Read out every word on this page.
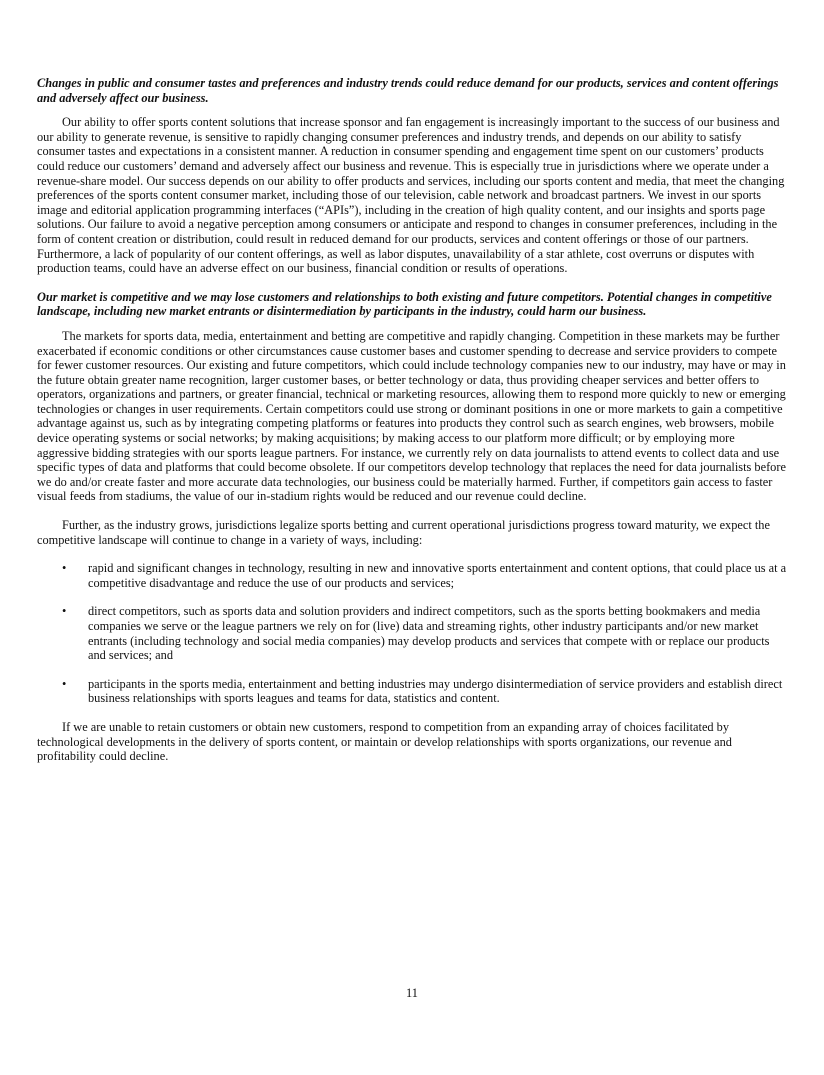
Changes in public and consumer tastes and preferences and industry trends could reduce demand for our products, services and content offerings and adversely affect our business.

Our ability to offer sports content solutions that increase sponsor and fan engagement is increasingly important to the success of our business and our ability to generate revenue, is sensitive to rapidly changing consumer preferences and industry trends, and depends on our ability to satisfy consumer tastes and expectations in a consistent manner. A reduction in consumer spending and engagement time spent on our customers’ products could reduce our customers’ demand and adversely affect our business and revenue. This is especially true in jurisdictions where we operate under a revenue-share model. Our success depends on our ability to offer products and services, including our sports content and media, that meet the changing preferences of the sports content consumer market, including those of our television, cable network and broadcast partners. We invest in our sports image and editorial application programming interfaces (“APIs”), including in the creation of high quality content, and our insights and sports page solutions. Our failure to avoid a negative perception among consumers or anticipate and respond to changes in consumer preferences, including in the form of content creation or distribution, could result in reduced demand for our products, services and content offerings or those of our partners. Furthermore, a lack of popularity of our content offerings, as well as labor disputes, unavailability of a star athlete, cost overruns or disputes with production teams, could have an adverse effect on our business, financial condition or results of operations.

Our market is competitive and we may lose customers and relationships to both existing and future competitors. Potential changes in competitive landscape, including new market entrants or disintermediation by participants in the industry, could harm our business.

The markets for sports data, media, entertainment and betting are competitive and rapidly changing. Competition in these markets may be further exacerbated if economic conditions or other circumstances cause customer bases and customer spending to decrease and service providers to compete for fewer customer resources. Our existing and future competitors, which could include technology companies new to our industry, may have or may in the future obtain greater name recognition, larger customer bases, or better technology or data, thus providing cheaper services and better offers to operators, organizations and partners, or greater financial, technical or marketing resources, allowing them to respond more quickly to new or emerging technologies or changes in user requirements. Certain competitors could use strong or dominant positions in one or more markets to gain a competitive advantage against us, such as by integrating competing platforms or features into products they control such as search engines, web browsers, mobile device operating systems or social networks; by making acquisitions; by making access to our platform more difficult; or by employing more aggressive bidding strategies with our sports league partners. For instance, we currently rely on data journalists to attend events to collect data and use specific types of data and platforms that could become obsolete. If our competitors develop technology that replaces the need for data journalists before we do and/or create faster and more accurate data technologies, our business could be materially harmed. Further, if competitors gain access to faster visual feeds from stadiums, the value of our in-stadium rights would be reduced and our revenue could decline.

Further, as the industry grows, jurisdictions legalize sports betting and current operational jurisdictions progress toward maturity, we expect the competitive landscape will continue to change in a variety of ways, including:

• rapid and significant changes in technology, resulting in new and innovative sports entertainment and content options, that could place us at a competitive disadvantage and reduce the use of our products and services;
• direct competitors, such as sports data and solution providers and indirect competitors, such as the sports betting bookmakers and media companies we serve or the league partners we rely on for (live) data and streaming rights, other industry participants and/or new market entrants (including technology and social media companies) may develop products and services that compete with or replace our products and services; and
• participants in the sports media, entertainment and betting industries may undergo disintermediation of service providers and establish direct business relationships with sports leagues and teams for data, statistics and content.

If we are unable to retain customers or obtain new customers, respond to competition from an expanding array of choices facilitated by technological developments in the delivery of sports content, or maintain or develop relationships with sports organizations, our revenue and profitability could decline.

11
